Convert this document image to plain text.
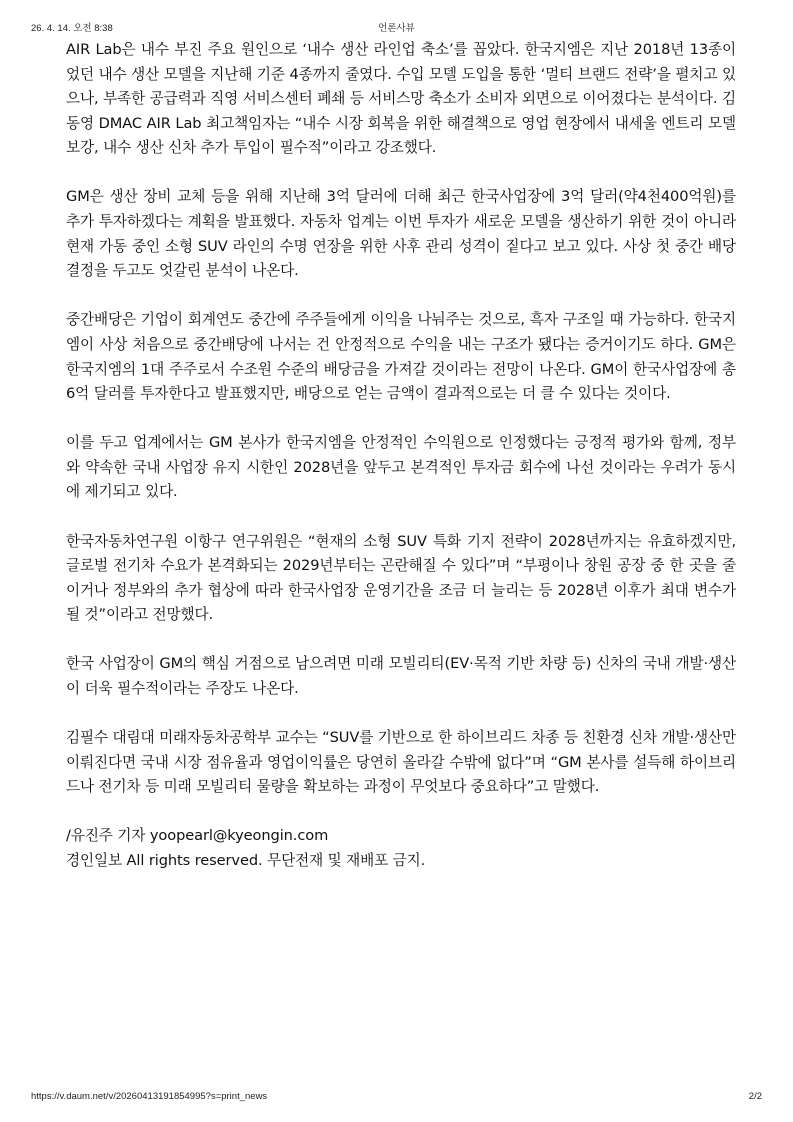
26. 4. 14. 오전 8:38	언론사뷰

AIR Lab은 내수 부진 주요 원인으로 ‘내수 생산 라인업 축소’를 꼽았다. 한국지엠은 지난 2018년 13종이었던 내수 생산 모델을 지난해 기준 4종까지 줄였다. 수입 모델 도입을 통한 ‘멀티 브랜드 전략’을 펼치고 있으나, 부족한 공급력과 직영 서비스센터 폐쇄 등 서비스망 축소가 소비자 외면으로 이어졌다는 분석이다. 김동영 DMAC AIR Lab 최고책임자는 “내수 시장 회복을 위한 해결책으로 영업 현장에서 내세울 엔트리 모델 보강, 내수 생산 신차 추가 투입이 필수적”이라고 강조했다.

GM은 생산 장비 교체 등을 위해 지난해 3억 달러에 더해 최근 한국사업장에 3억 달러(약4천400억원)를 추가 투자하겠다는 계획을 발표했다. 자동차 업계는 이번 투자가 새로운 모델을 생산하기 위한 것이 아니라 현재 가동 중인 소형 SUV 라인의 수명 연장을 위한 사후 관리 성격이 짙다고 보고 있다. 사상 첫 중간 배당 결정을 두고도 엇갈린 분석이 나온다.

중간배당은 기업이 회계연도 중간에 주주들에게 이익을 나눠주는 것으로, 흑자 구조일 때 가능하다. 한국지엠이 사상 처음으로 중간배당에 나서는 건 안정적으로 수익을 내는 구조가 됐다는 증거이기도 하다. GM은 한국지엠의 1대 주주로서 수조원 수준의 배당금을 가져갈 것이라는 전망이 나온다. GM이 한국사업장에 총 6억 달러를 투자한다고 발표했지만, 배당으로 얻는 금액이 결과적으로는 더 클 수 있다는 것이다.

이를 두고 업계에서는 GM 본사가 한국지엠을 안정적인 수익원으로 인정했다는 긍정적 평가와 함께, 정부와 약속한 국내 사업장 유지 시한인 2028년을 앞두고 본격적인 투자금 회수에 나선 것이라는 우려가 동시에 제기되고 있다.

한국자동차연구원 이항구 연구위원은 “현재의 소형 SUV 특화 기지 전략이 2028년까지는 유효하겠지만, 글로벌 전기차 수요가 본격화되는 2029년부터는 곤란해질 수 있다”며 “부평이나 창원 공장 중 한 곳을 줄이거나 정부와의 추가 협상에 따라 한국사업장 운영기간을 조금 더 늘리는 등 2028년 이후가 최대 변수가 될 것”이라고 전망했다.

한국 사업장이 GM의 핵심 거점으로 남으려면 미래 모빌리티(EV·목적 기반 차량 등) 신차의 국내 개발·생산이 더욱 필수적이라는 주장도 나온다.

김필수 대림대 미래자동차공학부 교수는 “SUV를 기반으로 한 하이브리드 차종 등 친환경 신차 개발·생산만 이뤄진다면 국내 시장 점유율과 영업이익률은 당연히 올라갈 수밖에 없다”며 “GM 본사를 설득해 하이브리드나 전기차 등 미래 모빌리티 물량을 확보하는 과정이 무엇보다 중요하다”고 말했다.

/유진주 기자 yoopearl@kyeongin.com

경인일보 All rights reserved. 무단전재 및 재배포 금지.

https://v.daum.net/v/20260413191854995?s=print_news	2/2
